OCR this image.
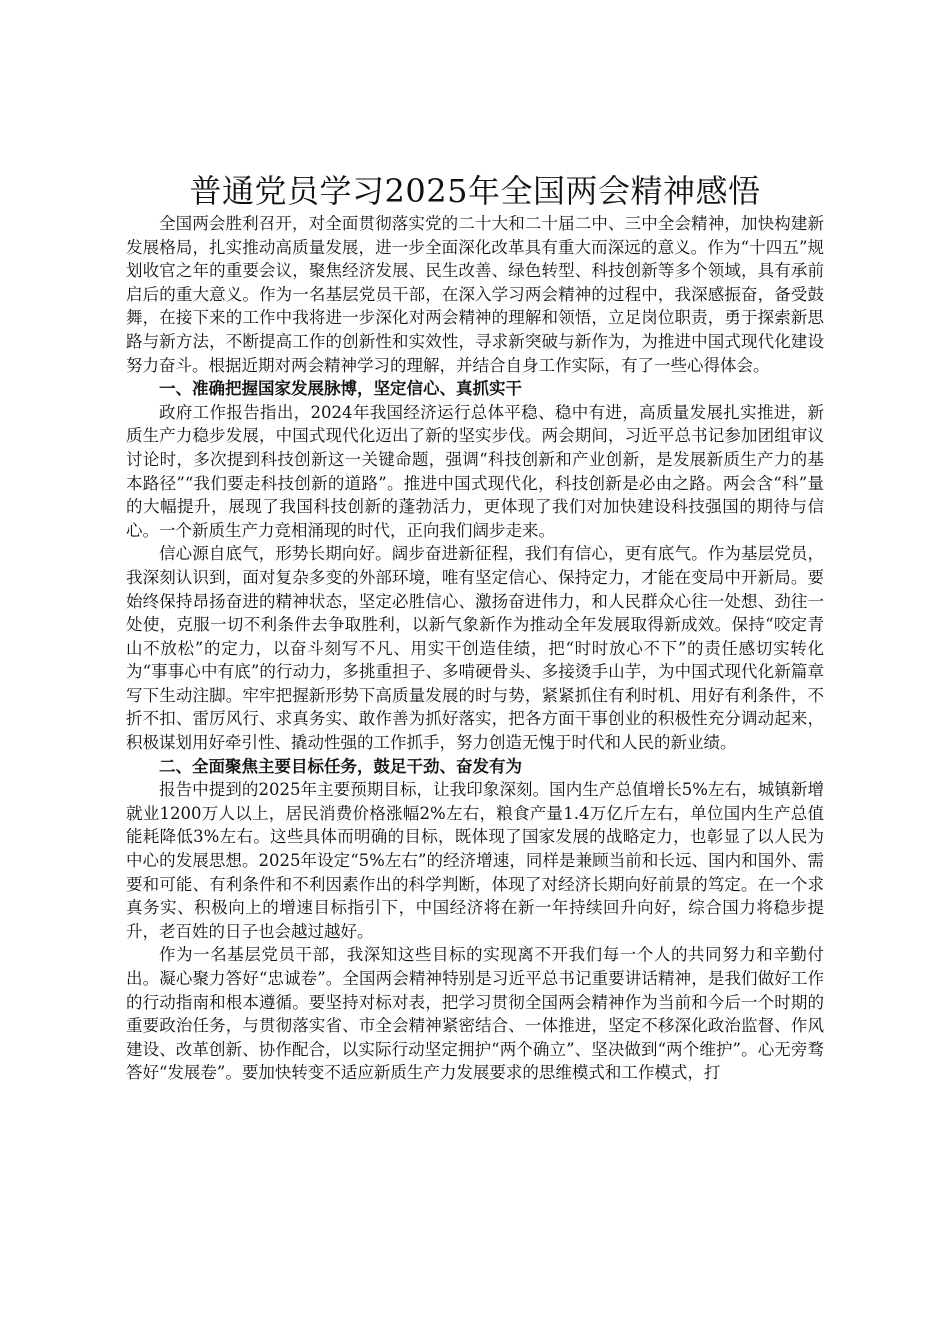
普通党员学习2025年全国两会精神感悟

全国两会胜利召开，对全面贯彻落实党的二十大和二十届二中、三中全会精神，加快构建新发展格局，扎实推动高质量发展，进一步全面深化改革具有重大而深远的意义。作为“十四五”规划收官之年的重要会议，聚焦经济发展、民生改善、绿色转型、科技创新等多个领域，具有承前启后的重大意义。作为一名基层党员干部，在深入学习两会精神的过程中，我深感振奋，备受鼓舞，在接下来的工作中我将进一步深化对两会精神的理解和领悟，立足岗位职责，勇于探索新思路与新方法，不断提高工作的创新性和实效性，寻求新突破与新作为，为推进中国式现代化建设努力奋斗。根据近期对两会精神学习的理解，并结合自身工作实际，有了一些心得体会。

一、准确把握国家发展脉博，坚定信心、真抓实干

政府工作报告指出，2024年我国经济运行总体平稳、稳中有进，高质量发展扎实推进，新质生产力稳步发展，中国式现代化迈出了新的坚实步伐。两会期间，习近平总书记参加团组审议讨论时，多次提到科技创新这一关键命题，强调“科技创新和产业创新，是发展新质生产力的基本路径”“我们要走科技创新的道路”。推进中国式现代化，科技创新是必由之路。两会含“科”量的大幅提升，展现了我国科技创新的蓬勃活力，更体现了我们对加快建设科技强国的期待与信心。一个新质生产力竞相涌现的时代，正向我们阔步走来。

信心源自底气，形势长期向好。阔步奋进新征程，我们有信心，更有底气。作为基层党员，我深刻认识到，面对复杂多变的外部环境，唯有坚定信心、保持定力，才能在变局中开新局。要始终保持昂扬奋进的精神状态，坚定必胜信心、激扬奋进伟力，和人民群众心往一处想、劲往一处使，克服一切不利条件去争取胜利，以新气象新作为推动全年发展取得新成效。保持“咬定青山不放松”的定力，以奋斗刻写不凡、用实干创造佳绩，把“时时放心不下”的责任感切实转化为“事事心中有底”的行动力，多挑重担子、多啃硬骨头、多接烫手山芋，为中国式现代化新篇章写下生动注脚。牢牢把握新形势下高质量发展的时与势，紧紧抓住有利时机、用好有利条件，不折不扣、雷厉风行、求真务实、敢作善为抓好落实，把各方面干事创业的积极性充分调动起来，积极谋划用好牵引性、撬动性强的工作抓手，努力创造无愧于时代和人民的新业绩。

二、全面聚焦主要目标任务，鼓足干劲、奋发有为

报告中提到的2025年主要预期目标，让我印象深刻。国内生产总值增长5%左右，城镇新增就业1200万人以上，居民消费价格涨幅2%左右，粮食产量1.4万亿斤左右，单位国内生产总值能耗降低3%左右。这些具体而明确的目标，既体现了国家发展的战略定力，也彰显了以人民为中心的发展思想。2025年设定“5%左右”的经济增速，同样是兼顾当前和长远、国内和国外、需要和可能、有利条件和不利因素作出的科学判断，体现了对经济长期向好前景的笃定。在一个求真务实、积极向上的增速目标指引下，中国经济将在新一年持续回升向好，综合国力将稳步提升，老百姓的日子也会越过越好。

作为一名基层党员干部，我深知这些目标的实现离不开我们每一个人的共同努力和辛勤付出。凝心聚力答好“忠诚卷”。全国两会精神特别是习近平总书记重要讲话精神，是我们做好工作的行动指南和根本遵循。要坚持对标对表，把学习贯彻全国两会精神作为当前和今后一个时期的重要政治任务，与贯彻落实省、市全会精神紧密结合、一体推进，坚定不移深化政治监督、作风建设、改革创新、协作配合，以实际行动坚定拥护“两个确立”、坚决做到“两个维护”。心无旁骛答好“发展卷”。要加快转变不适应新质生产力发展要求的思维模式和工作模式，打
